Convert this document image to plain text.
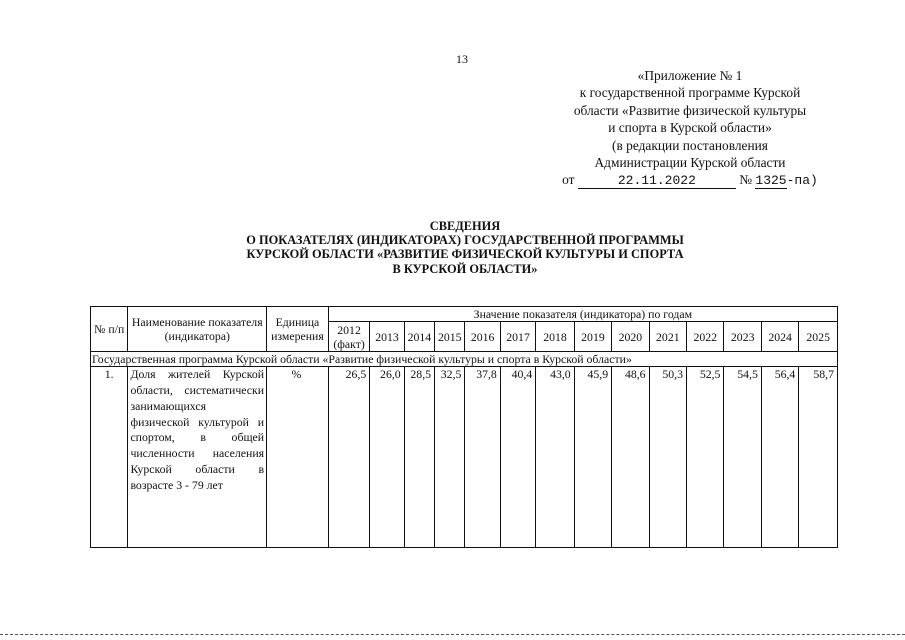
13
«Приложение № 1
к государственной программе Курской
области «Развитие физической культуры
и спорта в Курской области»
(в редакции постановления
Администрации Курской области
от	22.11.2022	№ 1325-па)
СВЕДЕНИЯ
О ПОКАЗАТЕЛЯХ (ИНДИКАТОРАХ) ГОСУДАРСТВЕННОЙ ПРОГРАММЫ
КУРСКОЙ ОБЛАСТИ «РАЗВИТИЕ ФИЗИЧЕСКОЙ КУЛЬТУРЫ И СПОРТА
В КУРСКОЙ ОБЛАСТИ»
№ п/п	Наименование показателя (индикатора)	Единица измерения	Значение показателя (индикатора) по годам													
			2012 (факт)	2013	2014	2015	2016	2017	2018	2019	2020	2021	2022	2023	2024	2025
Государственная программа Курской области «Развитие физической культуры и спорта в Курской области»																
1.	Доля жителей Курской области, систематически занимающихся физической культурой и спортом, в общей численности населения Курской области в возрасте 3 - 79 лет	%	26,5	26,0	28,5	32,5	37,8	40,4	43,0	45,9	48,6	50,3	52,5	54,5	56,4	58,7
